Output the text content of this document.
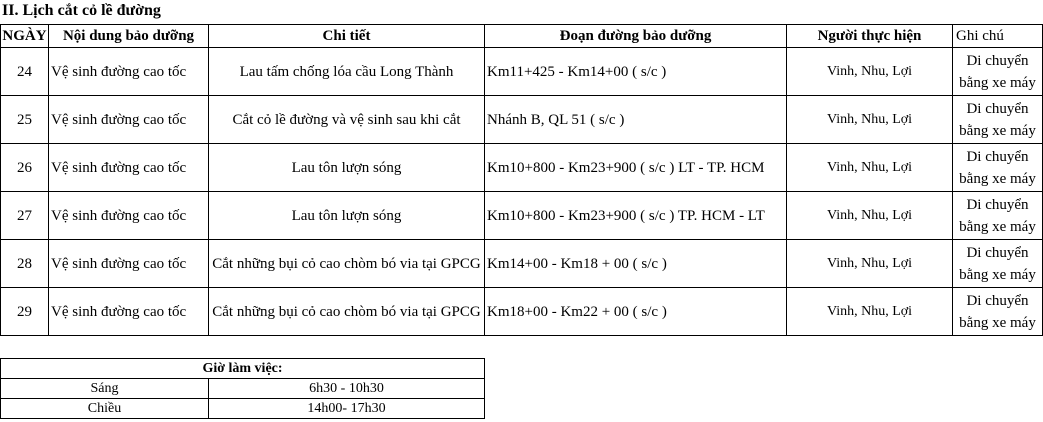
II. Lịch cắt cỏ lề đường
NGÀY	Nội dung bảo dưỡng	Chi tiết	Đoạn đường bảo dưỡng	Người thực hiện	Ghi chú
24	Vệ sinh đường cao tốc	Lau tấm chống lóa cầu Long Thành	Km11+425 - Km14+00 ( s/c )	Vinh, Nhu, Lợi	Di chuyển
bằng xe máy
25	Vệ sinh đường cao tốc	Cắt cỏ lề đường và vệ sinh sau khi cắt	Nhánh B, QL 51 ( s/c )	Vinh, Nhu, Lợi	Di chuyển
bằng xe máy
26	Vệ sinh đường cao tốc	Lau tôn lượn sóng	Km10+800 - Km23+900 ( s/c ) LT - TP. HCM	Vinh, Nhu, Lợi	Di chuyển
bằng xe máy
27	Vệ sinh đường cao tốc	Lau tôn lượn sóng	Km10+800 - Km23+900 ( s/c ) TP. HCM - LT	Vinh, Nhu, Lợi	Di chuyển
bằng xe máy
28	Vệ sinh đường cao tốc	Cắt những bụi cỏ cao chòm bó via tại GPCG	Km14+00 - Km18 + 00 ( s/c )	Vinh, Nhu, Lợi	Di chuyển
bằng xe máy
29	Vệ sinh đường cao tốc	Cắt những bụi cỏ cao chòm bó via tại GPCG	Km18+00 - Km22 + 00 ( s/c )	Vinh, Nhu, Lợi	Di chuyển
bằng xe máy
Giờ làm việc:	
Sáng	6h30 - 10h30
Chiều	14h00- 17h30
